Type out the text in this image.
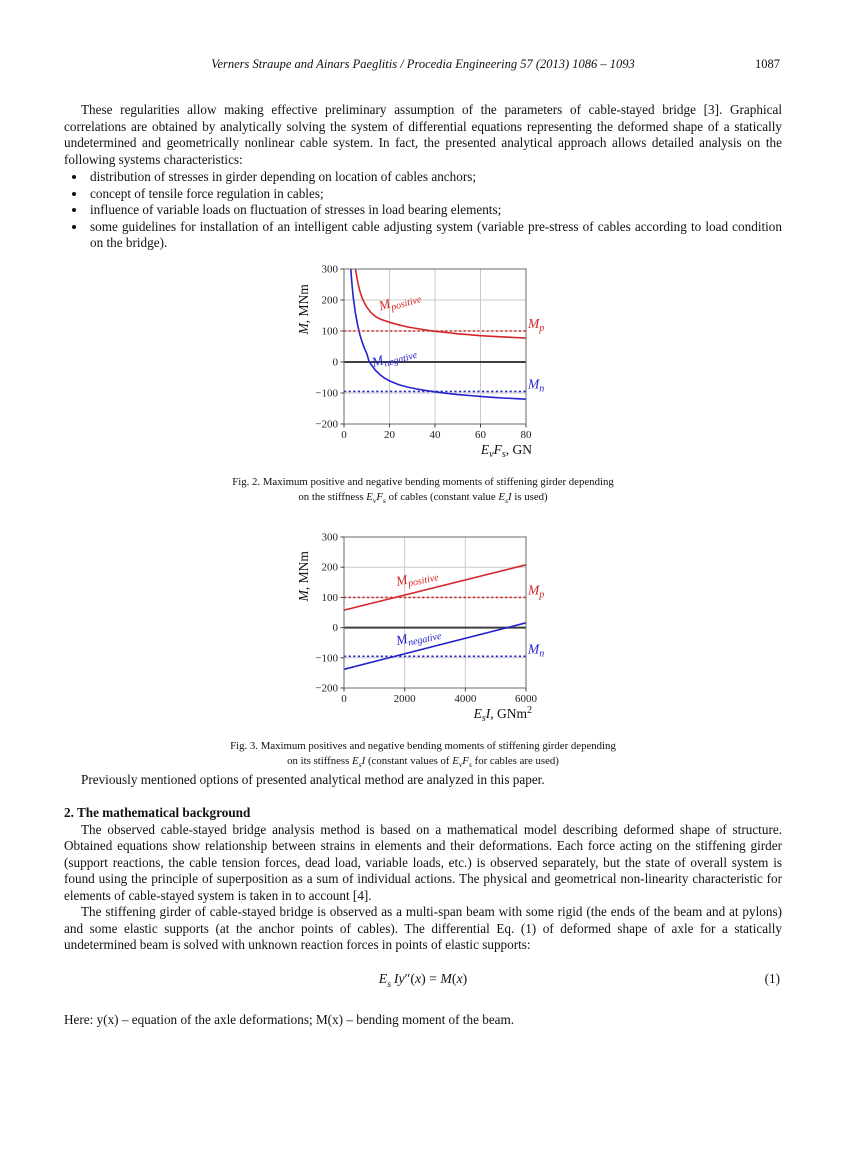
Verners Straupe and Ainars Paeglitis / Procedia Engineering 57 (2013) 1086 – 1093	1087

These regularities allow making effective preliminary assumption of the parameters of cable-stayed bridge [3]. Graphical correlations are obtained by analytically solving the system of differential equations representing the deformed shape of a statically undetermined and geometrically nonlinear cable system. In fact, the presented analytical approach allows detailed analysis on the following systems characteristics:

• distribution of stresses in girder depending on location of cables anchors;
• concept of tensile force regulation in cables;
• influence of variable loads on fluctuation of stresses in load bearing elements;
• some guidelines for installation of an intelligent cable adjusting system (variable pre-stress of cables according to load condition on the bridge).
0	20	40	60	80
−200
−100
0
100
200
300
$E_vF_s$, GN
M, MNm
$M_p$
$M_n$
$M_{positive}$
$M_{negative}$
Fig. 2. Maximum positive and negative bending moments of stiffening girder depending
on the stiffness $E_vF_s$ of cables (constant value $E_sI$ is used)
0	2000	4000	6000
−200
−100
0
100
200
300
$E_sI$, GNm$^2$
M, MNm	$M_p$
$M_n$
$M_{positive}$
$M_{negative}$
Fig. 3. Maximum positives and negative bending moments of stiffening girder depending
on its stiffness $E_sI$ (constant values of $E_vF_s$ for cables are used)

Previously mentioned options of presented analytical method are analyzed in this paper.

2. The mathematical background

The observed cable-stayed bridge analysis method is based on a mathematical model describing deformed shape of structure. Obtained equations show relationship between strains in elements and their deformations. Each force acting on the stiffening girder (support reactions, the cable tension forces, dead load, variable loads, etc.) is observed separately, but the state of overall system is found using the principle of superposition as a sum of individual actions. The physical and geometrical non-linearity characteristic for elements of cable-stayed system is taken in to account [4].

The stiffening girder of cable-stayed bridge is observed as a multi-span beam with some rigid (the ends of the beam and at pylons) and some elastic supports (at the anchor points of cables). The differential Eq. (1) of deformed shape of axle for a statically undetermined beam is solved with unknown reaction forces in points of elastic supports:

$E_s$  Iy″(x) = M(x)	(1)

Here: y(x) – equation of the axle deformations; M(x) – bending moment of the beam.
